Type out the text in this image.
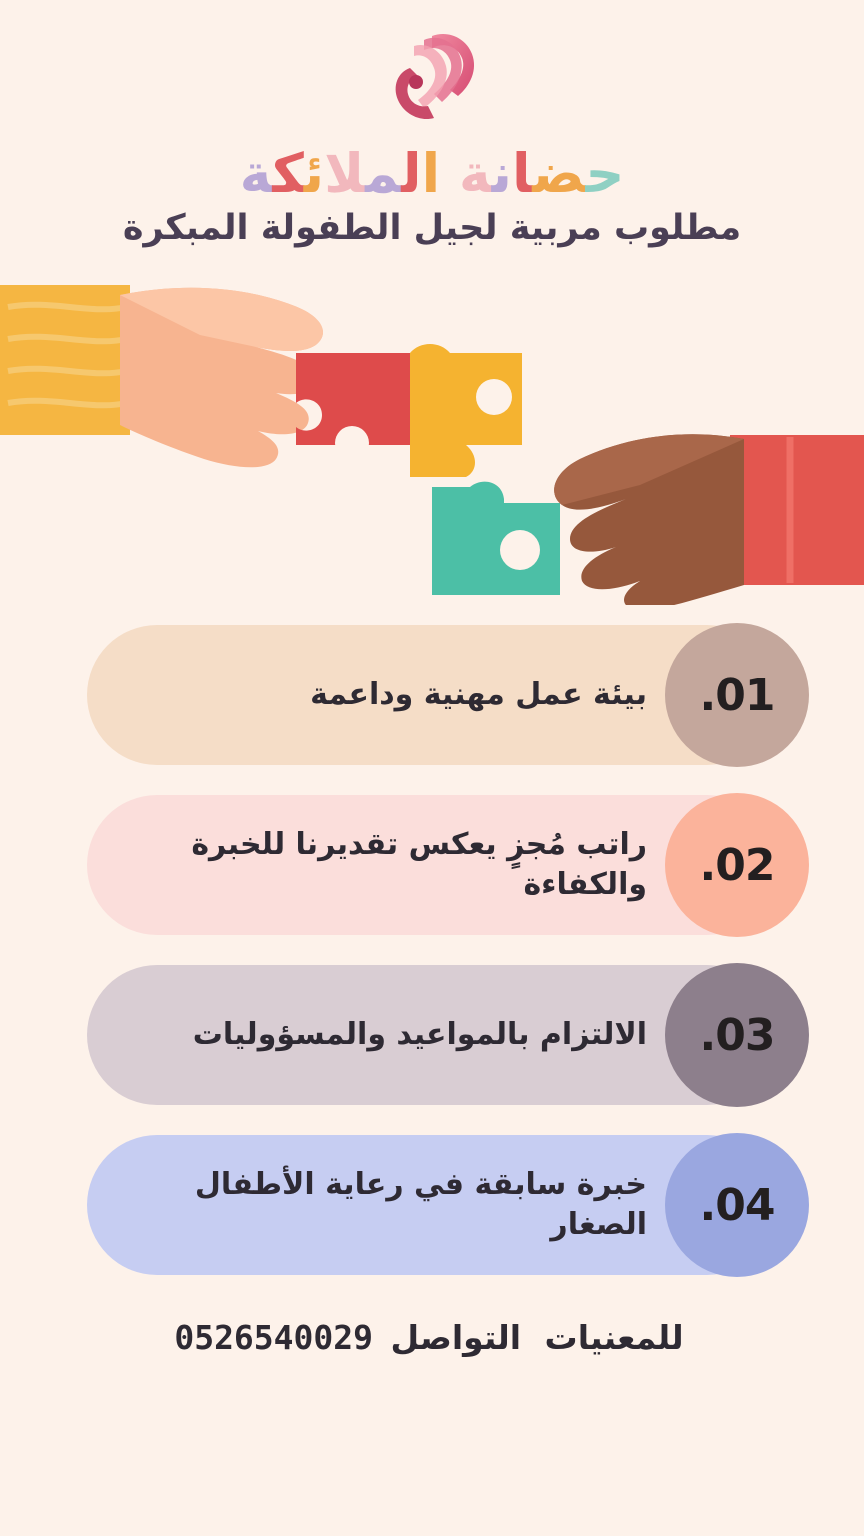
حضانة الملئكة
مطلوب مربية لجيل الطفولة المبكرة
بيئة عمل مهنية وداعمة	01.
راتب مُجزٍ يعكس تقديرنا للخبرة والكفاءة	02.
الالتزام بالمواعيد والمسؤوليات	03.
خبرة سابقة في رعاية الأطفال الصغار	04.
للمعنيات التواصل 0526540029
